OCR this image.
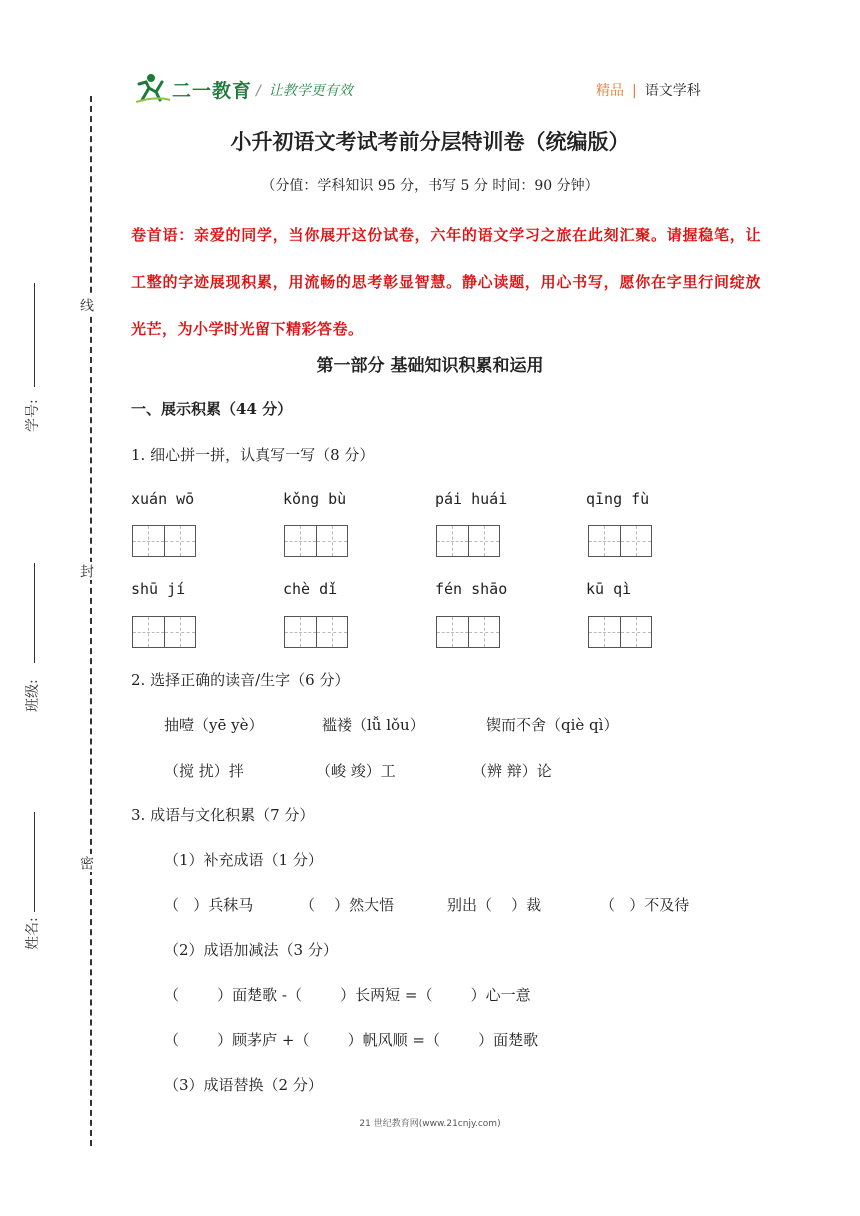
二一教育 / 让教学更有效	精品 | 语文学科
线
封
密
学号:
班级:
姓名:
小升初语文考试考前分层特训卷（统编版）
（分值：学科知识 95 分，书写 5 分 时间：90 分钟）
卷首语：亲爱的同学，当你展开这份试卷，六年的语文学习之旅在此刻汇聚。请握稳笔，让工整的字迹展现积累，用流畅的思考彰显智慧。静心读题，用心书写，愿你在字里行间绽放光芒，为小学时光留下精彩答卷。
第一部分 基础知识积累和运用
一、展示积累（44 分）
1. 细心拼一拼，认真写一写（8 分）
xuán wō	kǒng bù	pái huái	qīng fù
shū jí	chè dǐ	fén shāo	kū qì
2. 选择正确的读音/生字（6 分）
抽噎（yē yè）	褴褛（lǚ lǒu）	锲而不舍（qiè qì）
（搅 扰）拌	（峻 竣）工	（辨 辩）论
3. 成语与文化积累（7 分）
（1）补充成语（1 分）
（   ）兵秣马	（    ）然大悟	别出（    ）裁	（   ）不及待
（2）成语加减法（3 分）
（        ）面楚歌 -（        ）长两短 =（        ）心一意
（        ）顾茅庐 +（        ）帆风顺 =（        ）面楚歌
（3）成语替换（2 分）
21 世纪教育网(www.21cnjy.com)
